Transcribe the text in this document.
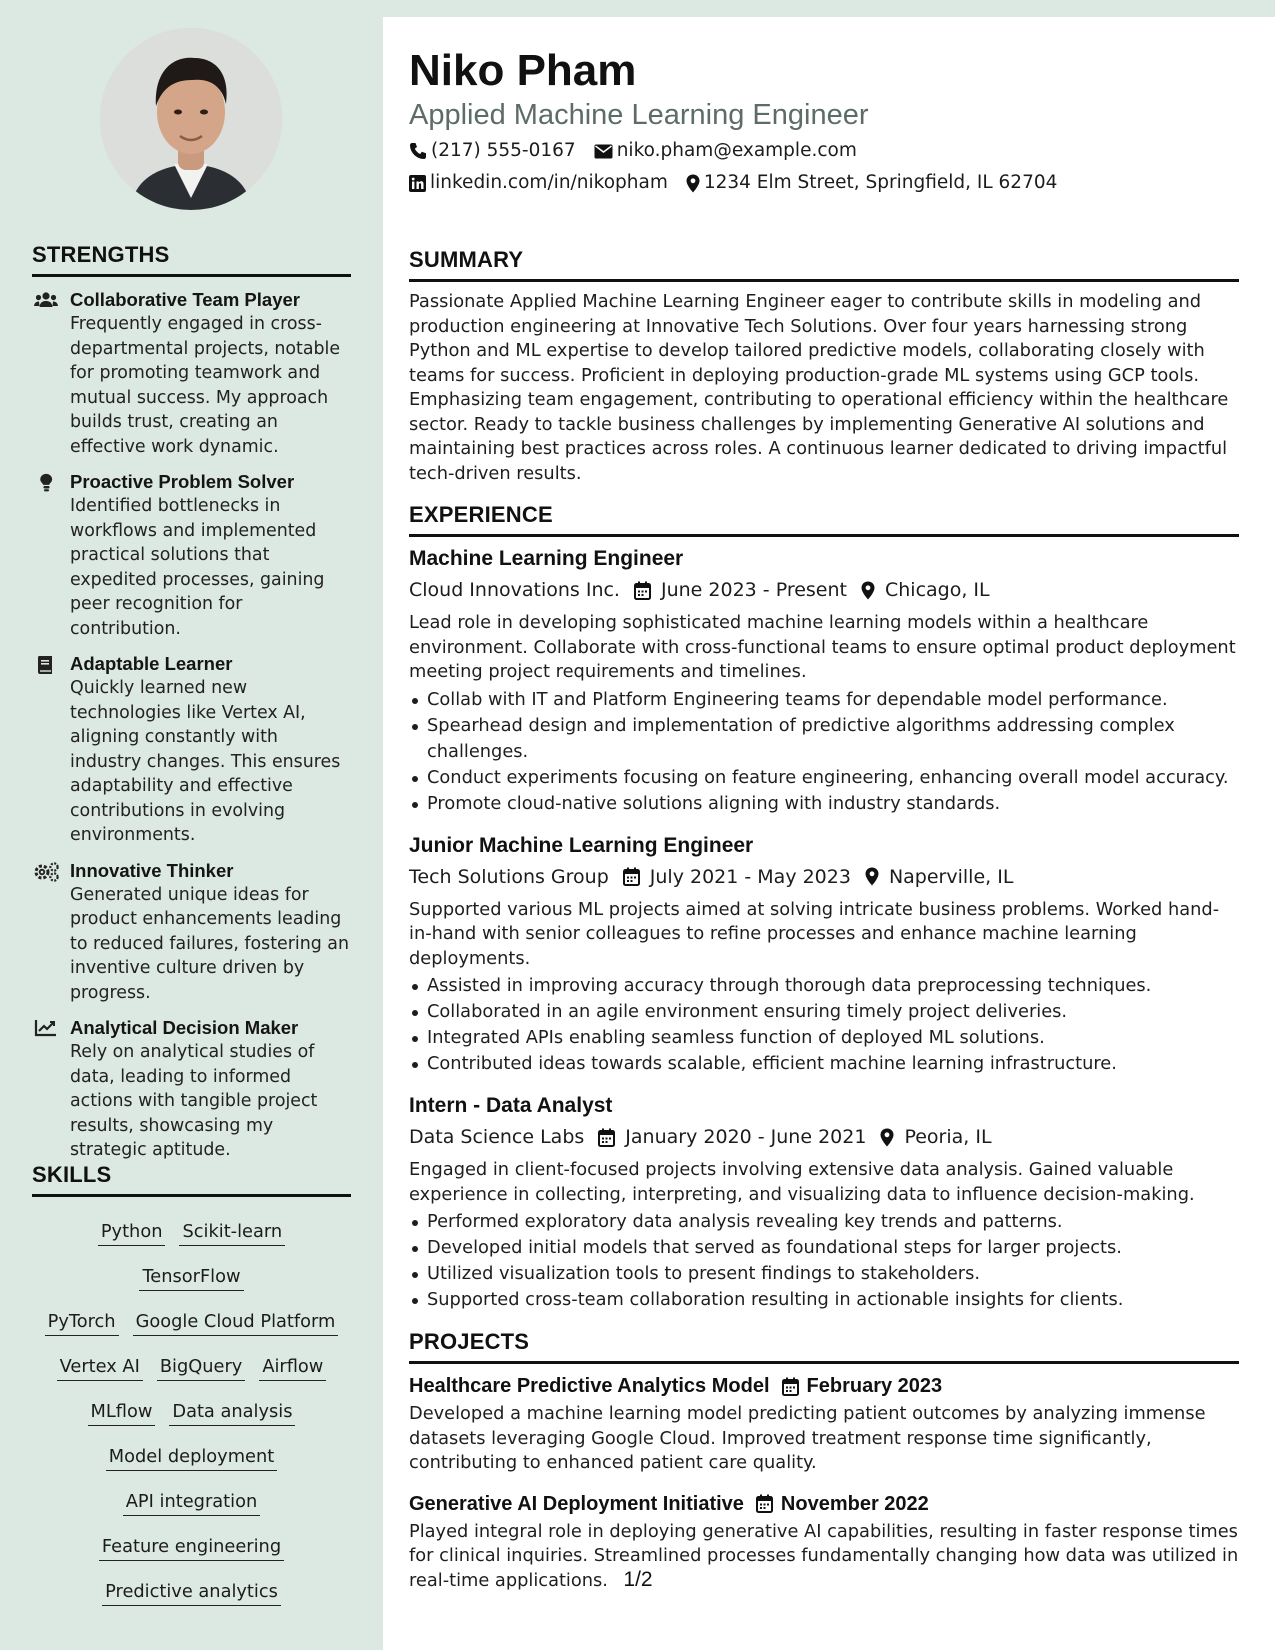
STRENGTHS
Collaborative Team Player
Frequently engaged in cross-departmental projects, notable for promoting teamwork and mutual success. My approach builds trust, creating an effective work dynamic.
Proactive Problem Solver
Identified bottlenecks in workflows and implemented practical solutions that expedited processes, gaining peer recognition for contribution.
Adaptable Learner
Quickly learned new technologies like Vertex AI, aligning constantly with industry changes. This ensures adaptability and effective contributions in evolving environments.
Innovative Thinker
Generated unique ideas for product enhancements leading to reduced failures, fostering an inventive culture driven by progress.
Analytical Decision Maker
Rely on analytical studies of data, leading to informed actions with tangible project results, showcasing my strategic aptitude.
SKILLS
Python Scikit-learnTensorFlow
PyTorch Google Cloud Platform
Vertex AI BigQuery Airflow
MLflow Data analysis
Model deploymentAPI integration
Feature engineering
Predictive analytics
Niko Pham
Applied Machine Learning Engineer
(217) 555-0167 niko.pham@example.com
linkedin.com/in/nikopham 1234 Elm Street, Springfield, IL 62704
SUMMARY
Passionate Applied Machine Learning Engineer eager to contribute skills in modeling and production engineering at Innovative Tech Solutions. Over four years harnessing strong Python and ML expertise to develop tailored predictive models, collaborating closely with teams for success. Proficient in deploying production-grade ML systems using GCP tools. Emphasizing team engagement, contributing to operational efficiency within the healthcare sector. Ready to tackle business challenges by implementing Generative AI solutions and maintaining best practices across roles. A continuous learner dedicated to driving impactful tech-driven results.
EXPERIENCE
Machine Learning Engineer
Cloud Innovations Inc. June 2023 - Present Chicago, IL
Lead role in developing sophisticated machine learning models within a healthcare environment. Collaborate with cross-functional teams to ensure optimal product deployment meeting project requirements and timelines.
Collab with IT and Platform Engineering teams for dependable model performance.
Spearhead design and implementation of predictive algorithms addressing complex challenges.
Conduct experiments focusing on feature engineering, enhancing overall model accuracy.
Promote cloud-native solutions aligning with industry standards.
Junior Machine Learning Engineer
Tech Solutions Group July 2021 - May 2023 Naperville, IL
Supported various ML projects aimed at solving intricate business problems. Worked hand-in-hand with senior colleagues to refine processes and enhance machine learning deployments.
Assisted in improving accuracy through thorough data preprocessing techniques.
Collaborated in an agile environment ensuring timely project deliveries.
Integrated APIs enabling seamless function of deployed ML solutions.
Contributed ideas towards scalable, efficient machine learning infrastructure.
Intern - Data Analyst
Data Science Labs January 2020 - June 2021 Peoria, IL
Engaged in client-focused projects involving extensive data analysis. Gained valuable experience in collecting, interpreting, and visualizing data to influence decision-making.
Performed exploratory data analysis revealing key trends and patterns.
Developed initial models that served as foundational steps for larger projects.
Utilized visualization tools to present findings to stakeholders.
Supported cross-team collaboration resulting in actionable insights for clients.
PROJECTS
Healthcare Predictive Analytics Model February 2023
Developed a machine learning model predicting patient outcomes by analyzing immense datasets leveraging Google Cloud. Improved treatment response time significantly, contributing to enhanced patient care quality.
Generative AI Deployment Initiative November 2022
Played integral role in deploying generative AI capabilities, resulting in faster response times for clinical inquiries. Streamlined processes fundamentally changing how data was utilized in real-time applications. 1/2
